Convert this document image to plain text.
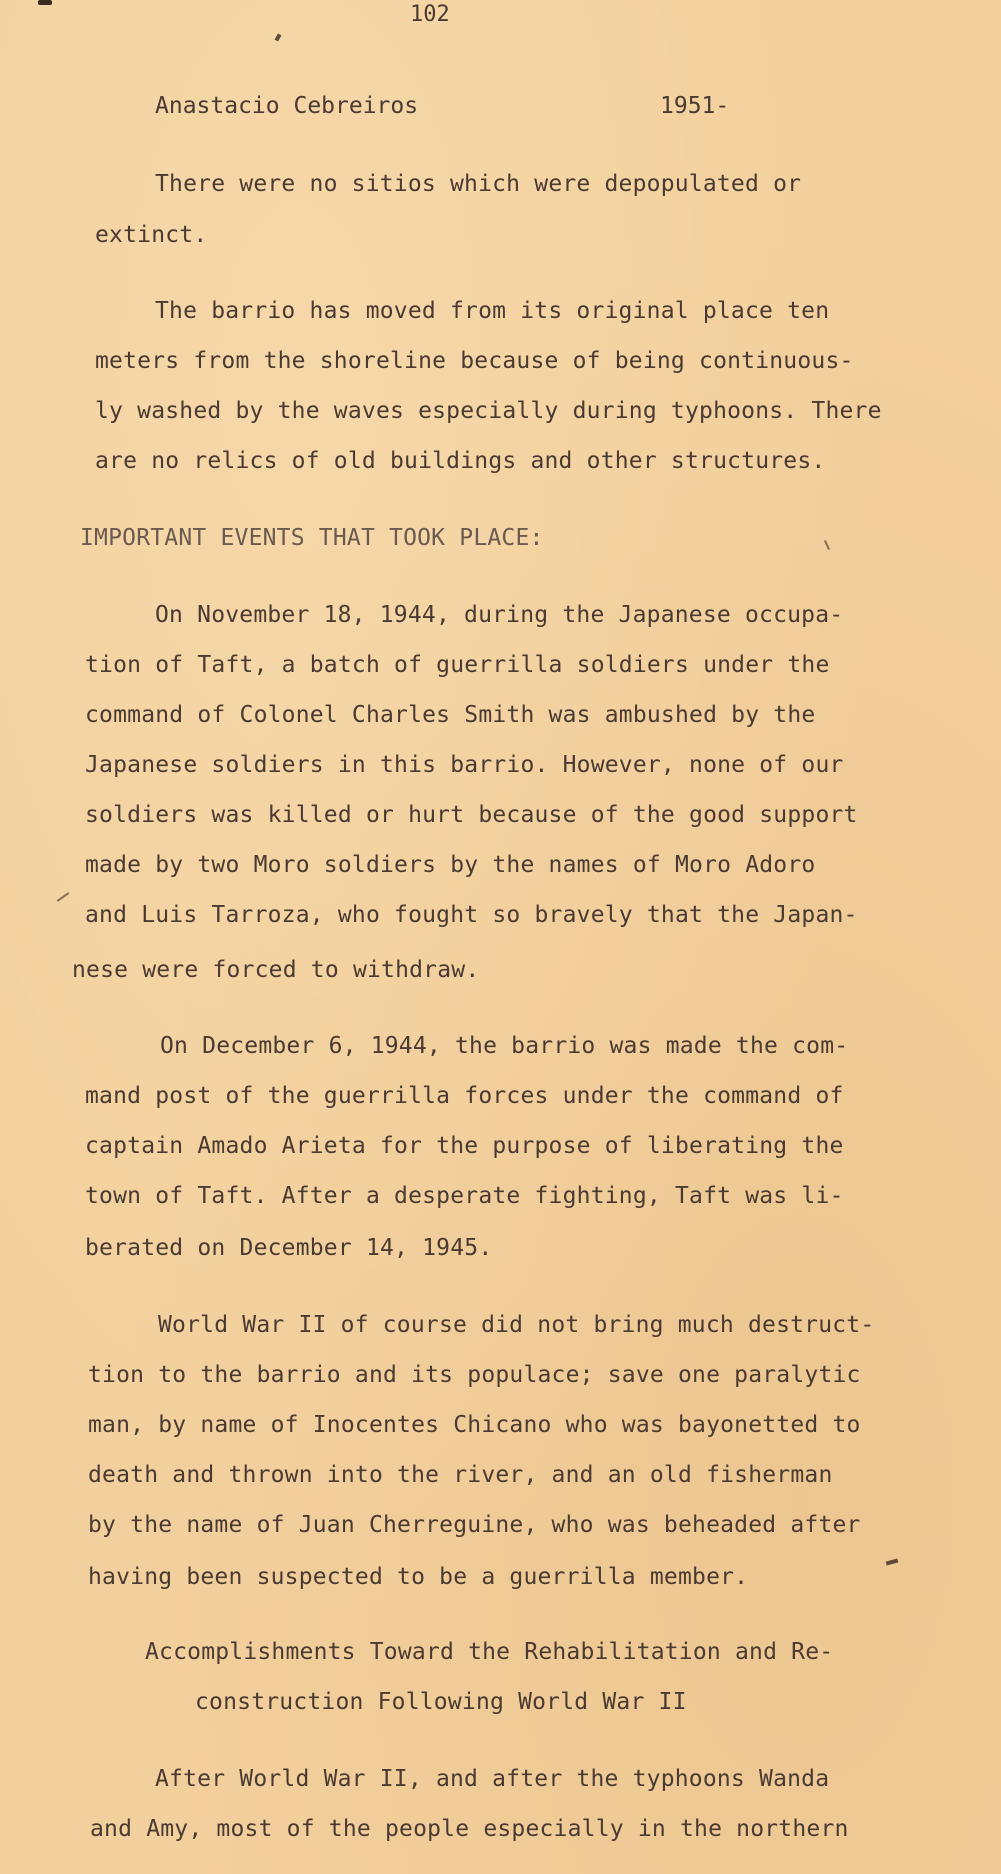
102
Anastacio Cebreiros	1951-
There were no sitios which were depopulated or
extinct.
The barrio has moved from its original place ten
meters from the shoreline because of being continuous-
ly washed by the waves especially during typhoons. There
are no relics of old buildings and other structures.
IMPORTANT EVENTS THAT TOOK PLACE:
On November 18, 1944, during the Japanese occupa-
tion of Taft, a batch of guerrilla soldiers under the
command of Colonel Charles Smith was ambushed by the
Japanese soldiers in this barrio. However, none of our
soldiers was killed or hurt because of the good support
made by two Moro soldiers by the names of Moro Adoro
and Luis Tarroza, who fought so bravely that the Japan-
nese were forced to withdraw.
On December 6, 1944, the barrio was made the com-
mand post of the guerrilla forces under the command of
captain Amado Arieta for the purpose of liberating the
town of Taft. After a desperate fighting, Taft was li-
berated on December 14, 1945.
World War II of course did not bring much destruct-
tion to the barrio and its populace; save one paralytic
man, by name of Inocentes Chicano who was bayonetted to
death and thrown into the river, and an old fisherman
by the name of Juan Cherreguine, who was beheaded after
having been suspected to be a guerrilla member.
Accomplishments Toward the Rehabilitation and Re-
construction Following World War II
After World War II, and after the typhoons Wanda
and Amy, most of the people especially in the northern
